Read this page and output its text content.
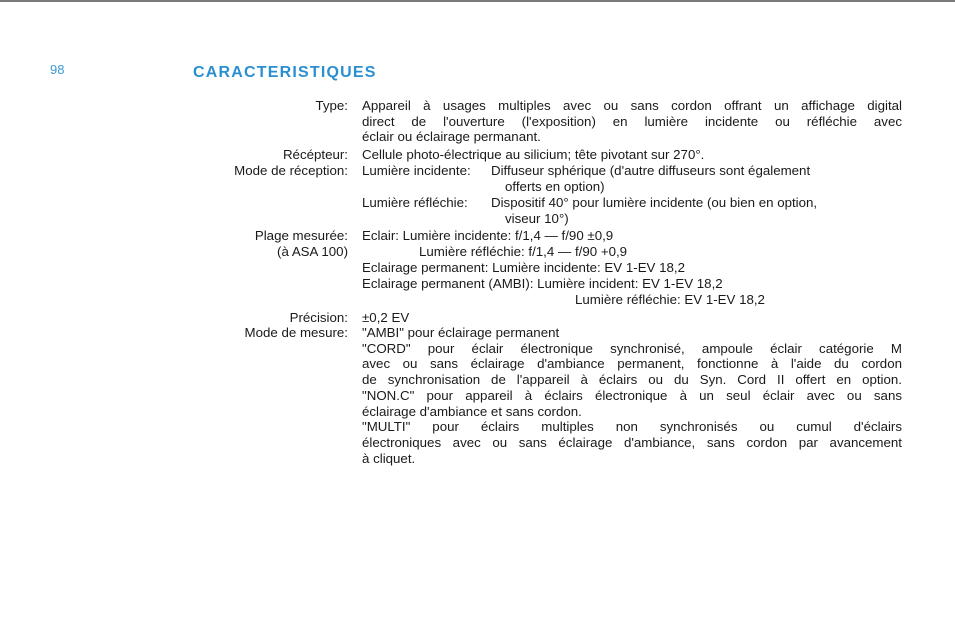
98	CARACTERISTIQUES
Type: Appareil à usages multiples avec ou sans cordon offrant un affichage digital
direct de l'ouverture (l'exposition) en lumière incidente ou réfléchie avec
éclair ou éclairage permanant.
Récépteur: Cellule photo-électrique au silicium; tête pivotant sur 270°.
Mode de réception: Lumière incidente: Diffuseur sphérique (d'autre diffuseurs sont également
offerts en option)
Lumière réfléchie: Dispositif 40° pour lumière incidente (ou bien en option,
viseur 10°)
Plage mesurée:
(à ASA 100)
Eclair: Lumière incidente: f/1,4 — f/90 ±0,9
Lumière réfléchie: f/1,4 — f/90 +0,9
Eclairage permanent: Lumière incidente: EV 1-EV 18,2
Eclairage permanent (AMBI): Lumière incident: EV 1-EV 18,2
Lumière réfléchie: EV 1-EV 18,2
Précision: ±0,2 EV
Mode de mesure: "AMBI" pour éclairage permanent
"CORD" pour éclair électronique synchronisé, ampoule éclair catégorie M
avec ou sans éclairage d'ambiance permanent, fonctionne à l'aide du cordon
de synchronisation de l'appareil à éclairs ou du Syn. Cord II offert en option.
"NON.C" pour appareil à éclairs électronique à un seul éclair avec ou sans
éclairage d'ambiance et sans cordon.
"MULTI" pour éclairs multiples non synchronisés ou cumul d'éclairs
électroniques avec ou sans éclairage d'ambiance, sans cordon par avancement
à cliquet.
